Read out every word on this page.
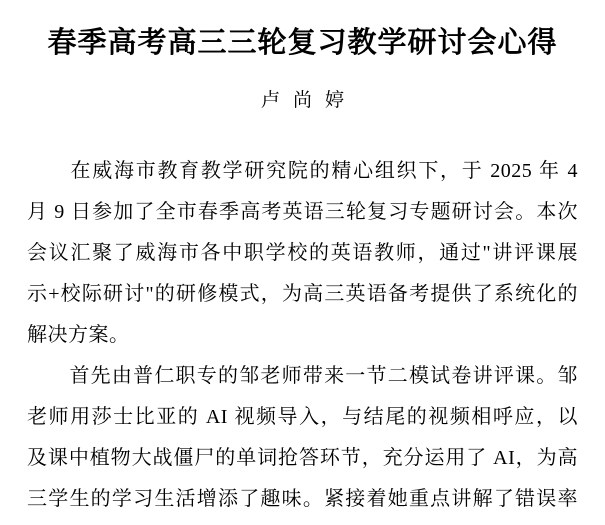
春季高考高三三轮复习教学研讨会心得
卢尚婷
　　在威海市教育教学研究院的精心组织下，于 2025 年 4
月 9 日参加了全市春季高考英语三轮复习专题研讨会。本次
会议汇聚了威海市各中职学校的英语教师，通过"讲评课展
示+校际研讨"的研修模式，为高三英语备考提供了系统化的
解决方案。
　　首先由普仁职专的邹老师带来一节二模试卷讲评课。邹
老师用莎士比亚的 AI 视频导入，与结尾的视频相呼应，以
及课中植物大战僵尸的单词抢答环节，充分运用了 AI，为高
三学生的学习生活增添了趣味。紧接着她重点讲解了错误率
